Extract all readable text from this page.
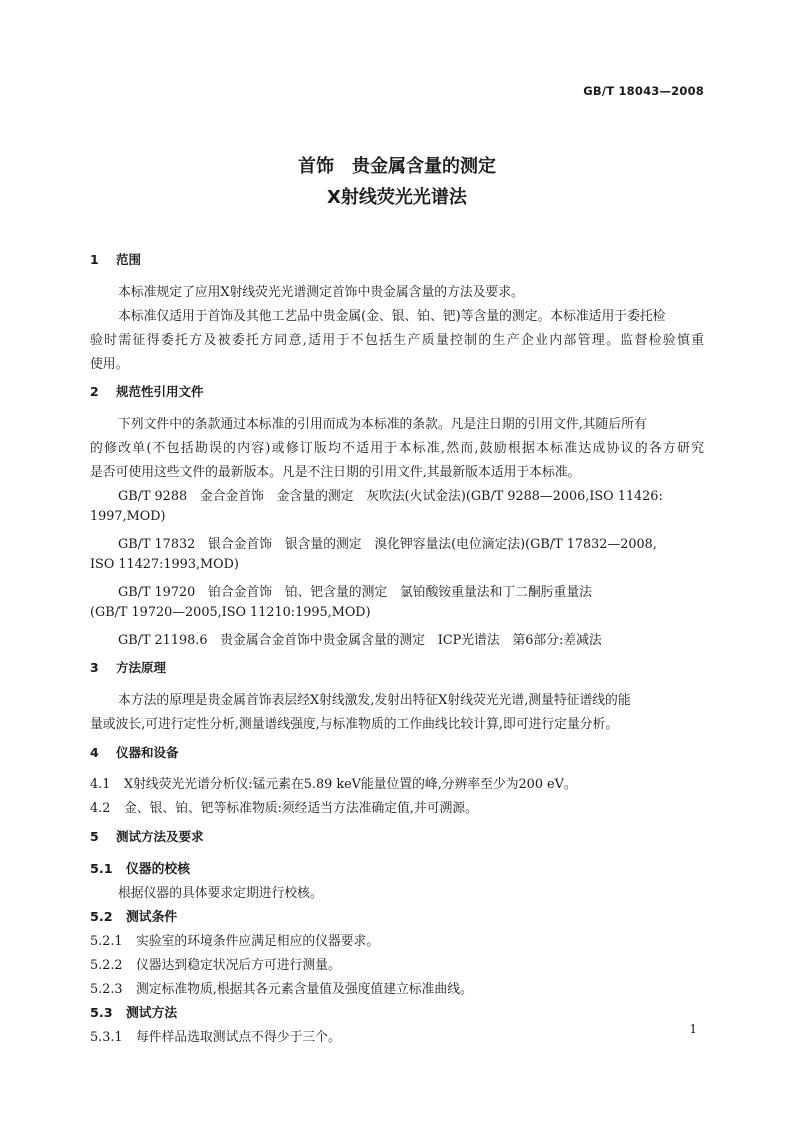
GB/T 18043—2008
首饰　贵金属含量的测定
X射线荧光光谱法
1 范围
本标准规定了应用X射线荧光光谱测定首饰中贵金属含量的方法及要求。
本标准仅适用于首饰及其他工艺品中贵金属(金、银、铂、钯)等含量的测定。本标准适用于委托检
验时需征得委托方及被委托方同意,适用于不包括生产质量控制的生产企业内部管理。监督检验慎重
使用。
2 规范性引用文件
下列文件中的条款通过本标准的引用而成为本标准的条款。凡是注日期的引用文件,其随后所有
的修改单(不包括勘误的内容)或修订版均不适用于本标准,然而,鼓励根据本标准达成协议的各方研究
是否可使用这些文件的最新版本。凡是不注日期的引用文件,其最新版本适用于本标准。
GB/T 9288　金合金首饰　金含量的测定　灰吹法(火试金法)(GB/T 9288—2006,ISO 11426:
1997,MOD)
GB/T 17832　银合金首饰　银含量的测定　溴化钾容量法(电位滴定法)(GB/T 17832—2008,
ISO 11427:1993,MOD)
GB/T 19720　铂合金首饰　铂、钯含量的测定　氯铂酸铵重量法和丁二酮肟重量法
(GB/T 19720—2005,ISO 11210:1995,MOD)
GB/T 21198.6　贵金属合金首饰中贵金属含量的测定　ICP光谱法　第6部分:差减法
3 方法原理
本方法的原理是贵金属首饰表层经X射线激发,发射出特征X射线荧光光谱,测量特征谱线的能
量或波长,可进行定性分析,测量谱线强度,与标准物质的工作曲线比较计算,即可进行定量分析。
4 仪器和设备
4.1 X射线荧光光谱分析仪:锰元素在5.89 keV能量位置的峰,分辨率至少为200 eV。
4.2 金、银、铂、钯等标准物质:须经适当方法准确定值,并可溯源。
5 测试方法及要求
5.1 仪器的校核
根据仪器的具体要求定期进行校核。
5.2 测试条件
5.2.1 实验室的环境条件应满足相应的仪器要求。
5.2.2 仪器达到稳定状况后方可进行测量。
5.2.3 测定标准物质,根据其各元素含量值及强度值建立标准曲线。
5.3 测试方法
5.3.1 每件样品选取测试点不得少于三个。
1
